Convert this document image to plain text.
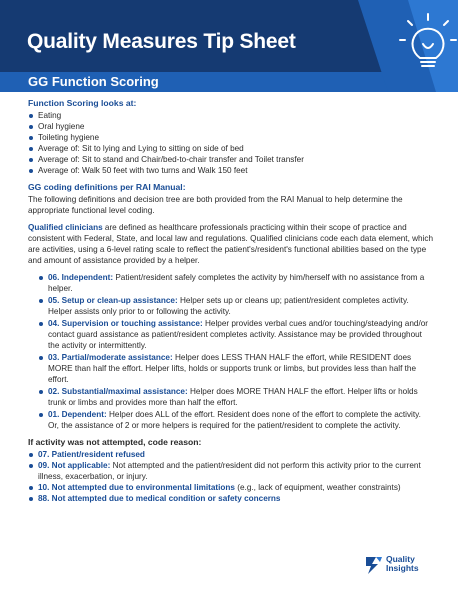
Quality Measures Tip Sheet
GG Function Scoring
Function Scoring looks at:
Eating
Oral hygiene
Toileting hygiene
Average of: Sit to lying and Lying to sitting on side of bed
Average of: Sit to stand and Chair/bed-to-chair transfer and Toilet transfer
Average of: Walk 50 feet with two turns and Walk 150 feet
GG coding definitions per RAI Manual:

The following definitions and decision tree are both provided from the RAI Manual to help determine the appropriate functional level coding.

Qualified clinicians are defined as healthcare professionals practicing within their scope of practice and consistent with Federal, State, and local law and regulations. Qualified clinicians code each data element, which are activities, using a 6-level rating scale to reflect the patient's/resident's functional abilities based on the type and amount of assistance provided by a helper.

06. Independent: Patient/resident safely completes the activity by him/herself with no assistance from a helper.
05. Setup or clean-up assistance: Helper sets up or cleans up; patient/resident completes activity. Helper assists only prior to or following the activity.
04. Supervision or touching assistance: Helper provides verbal cues and/or touching/steadying and/or contact guard assistance as patient/resident completes activity. Assistance may be provided throughout the activity or intermittently.
03. Partial/moderate assistance: Helper does LESS THAN HALF the effort, while RESIDENT does MORE than half the effort. Helper lifts, holds or supports trunk or limbs, but provides less than half the effort.
02. Substantial/maximal assistance: Helper does MORE THAN HALF the effort. Helper lifts or holds trunk or limbs and provides more than half the effort.
01. Dependent: Helper does ALL of the effort. Resident does none of the effort to complete the activity. Or, the assistance of 2 or more helpers is required for the patient/resident to complete the activity.
If activity was not attempted, code reason:
07. Patient/resident refused
09. Not applicable: Not attempted and the patient/resident did not perform this activity prior to the current illness, exacerbation, or injury.
10. Not attempted due to environmental limitations (e.g., lack of equipment, weather constraints)
88. Not attempted due to medical condition or safety concerns
Quality
Insights
